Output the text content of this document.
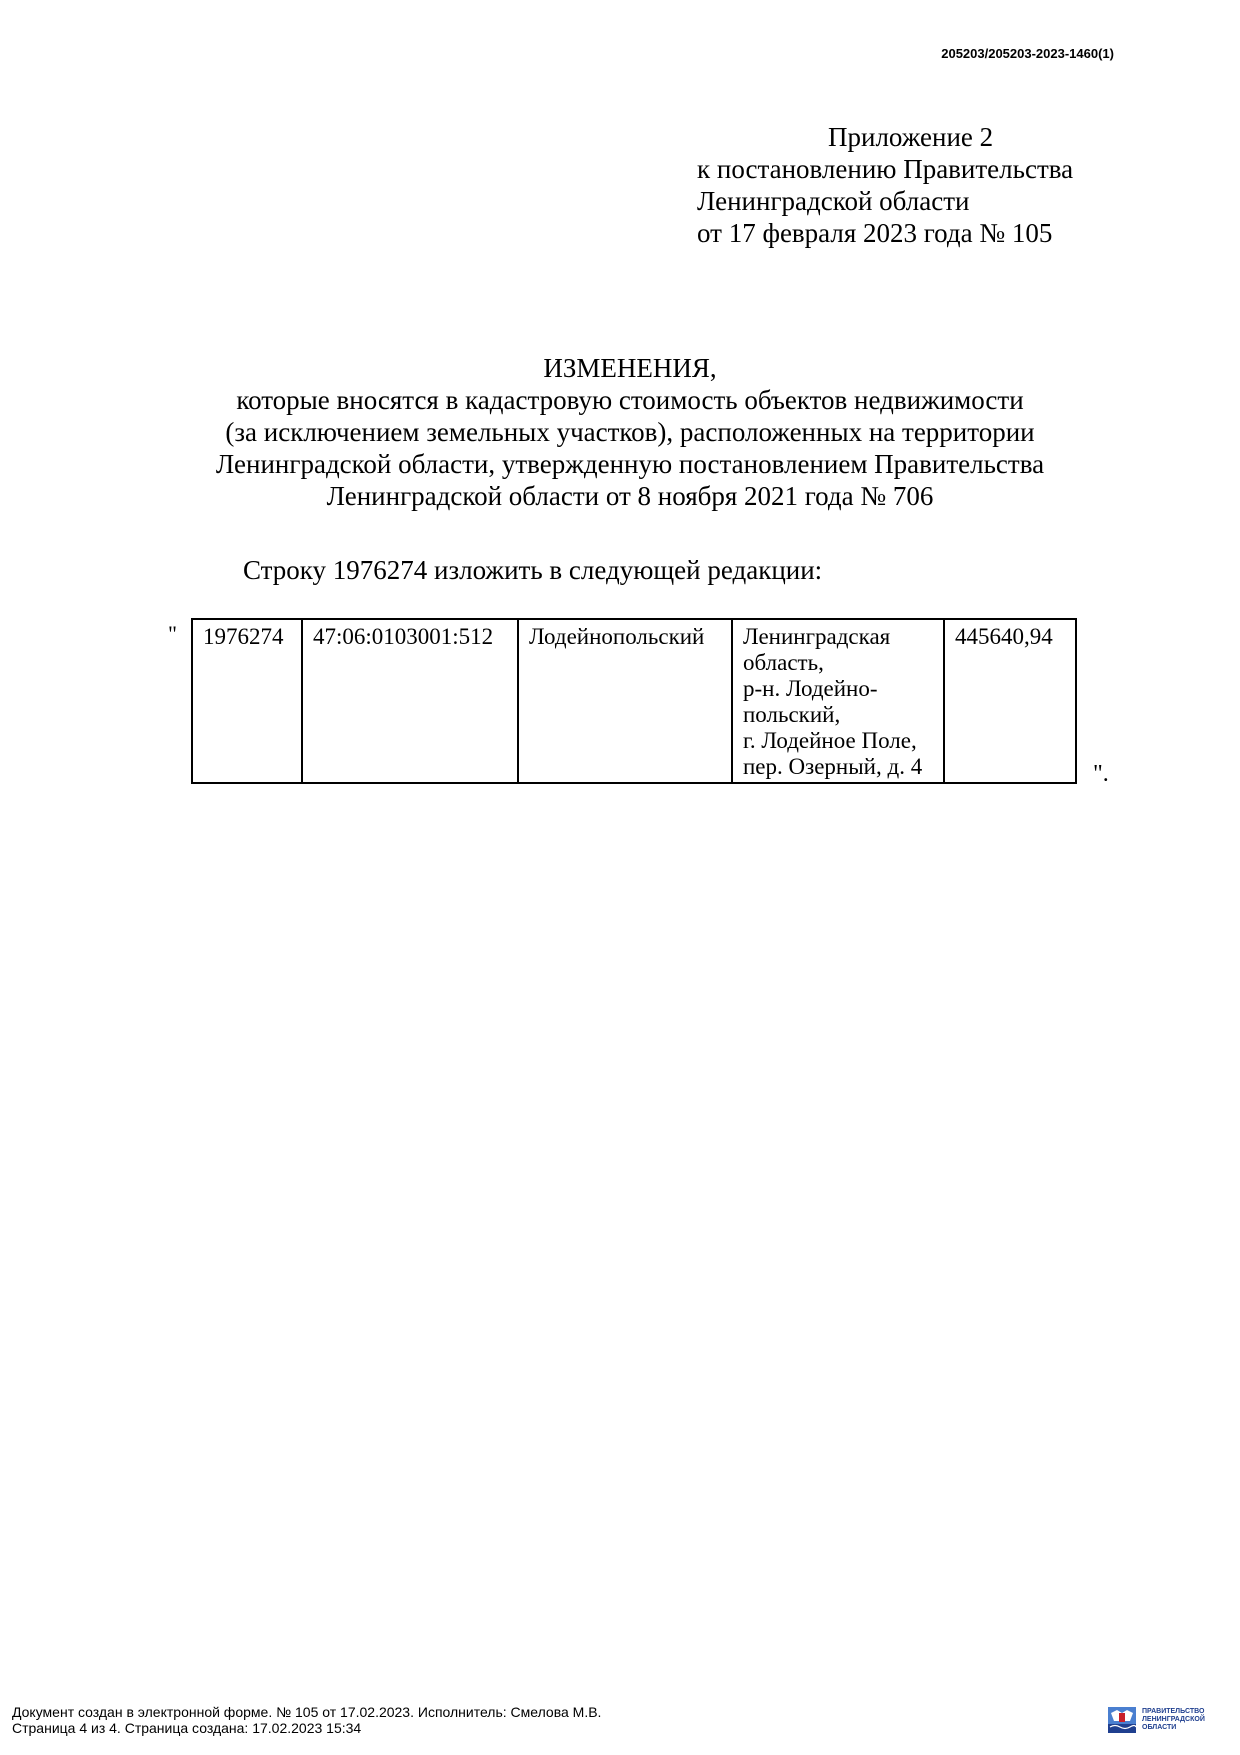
205203/205203-2023-1460(1)
Приложение 2
к постановлению Правительства
Ленинградской области
от 17 февраля 2023 года № 105
ИЗМЕНЕНИЯ,
которые вносятся в кадастровую стоимость объектов недвижимости
(за исключением земельных участков), расположенных на территории
Ленинградской области, утвержденную постановлением Правительства
Ленинградской области от 8 ноября 2021 года № 706
Строку 1976274 изложить в следующей редакции:
" 1976274	47:06:0103001:512	Лодейнопольский	Ленинградская
область,
р-н. Лодейно-
польский,
г. Лодейное Поле,
пер. Озерный, д. 4
	445640,94
".
Документ создан в электронной форме. № 105 от 17.02.2023. Исполнитель: Смелова М.В.
Страница 4 из 4. Страница создана: 17.02.2023 15:34
ПРАВИТЕЛЬСТВО
ЛЕНИНГРАДСКОЙ
ОБЛАСТИ
